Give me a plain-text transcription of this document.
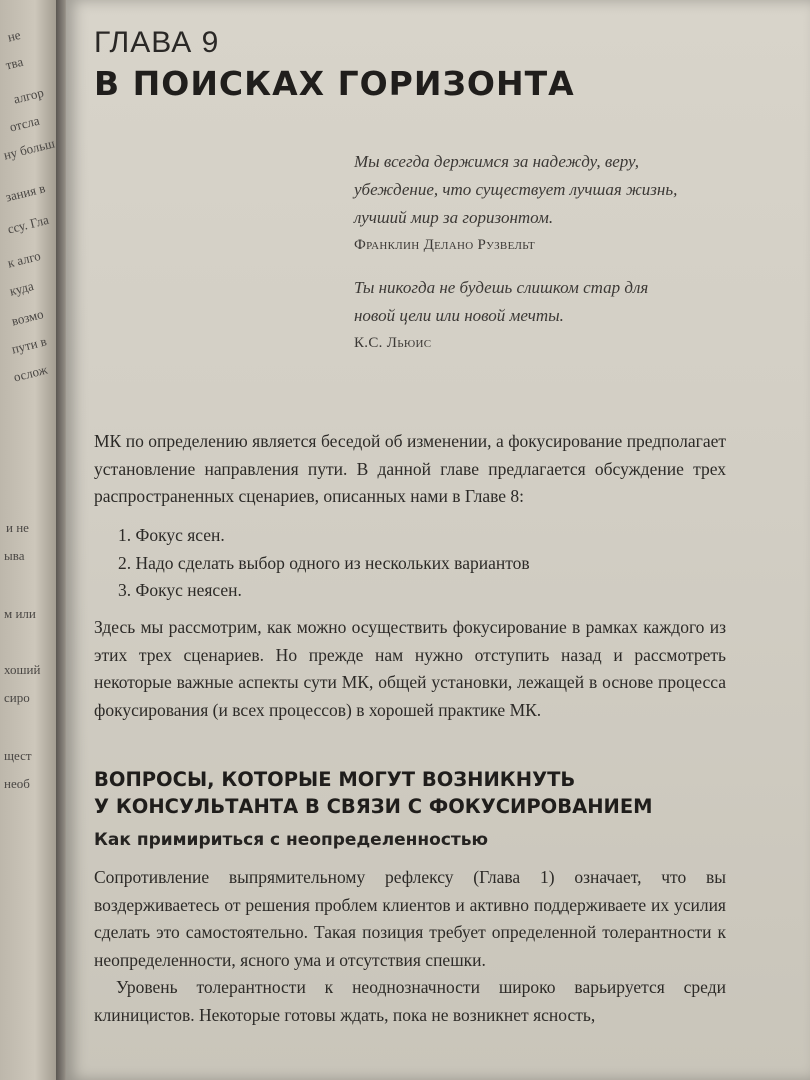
не
тва
алгор
отсла
ну больш
зания в
ссу. Гла
к алго
куда
возмо
пути в
ослож
и не
ыва
м или
хоший
сиро
щест
необ
ГЛАВА 9
В ПОИСКАХ ГОРИЗОНТА

Мы всегда держимся за надежду, веру,

убеждение, что существует лучшая жизнь,

лучший мир за горизонтом.

Франклин Делано Рузвельт

Ты никогда не будешь слишком стар для

новой цели или новой мечты.

К.С. Льюис

МК по определению является беседой об изменении, а фокусирование предполагает установление направления пути. В данной главе предлагается обсуждение трех распространенных сценариев, описанных нами в Главе 8:

1. Фокус ясен.
2. Надо сделать выбор одного из нескольких вариантов
3. Фокус неясен.

Здесь мы рассмотрим, как можно осуществить фокусирование в рамках каждого из этих трех сценариев. Но прежде нам нужно отступить назад и рассмотреть некоторые важные аспекты сути МК, общей установки, лежащей в основе процесса фокусирования (и всех процессов) в хорошей практике МК.

ВОПРОСЫ, КОТОРЫЕ МОГУТ ВОЗНИКНУТЬ
У КОНСУЛЬТАНТА В СВЯЗИ С ФОКУСИРОВАНИЕМ
Как примириться с неопределенностью

Сопротивление выпрямительному рефлексу (Глава 1) означает, что вы воздерживаетесь от решения проблем клиентов и активно поддерживаете их усилия сделать это самостоятельно. Такая позиция требует определенной толерантности к неопределенности, ясного ума и отсутствия спешки.

Уровень толерантности к неоднозначности широко варьируется среди клиницистов. Некоторые готовы ждать, пока не возникнет ясность,
